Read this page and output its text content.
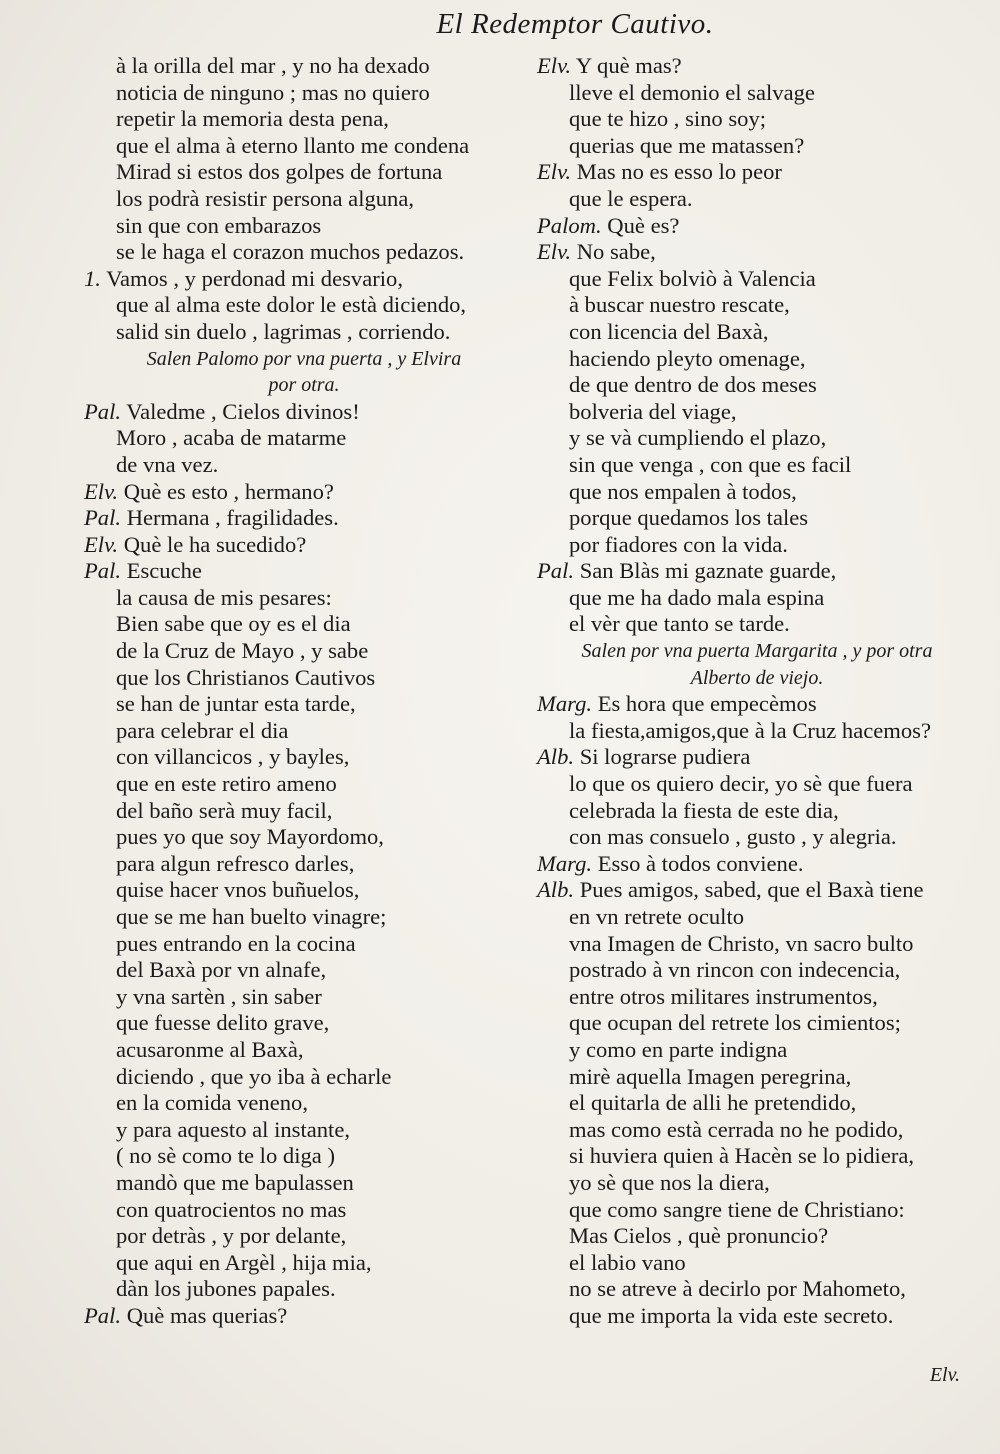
El Redemptor Cautivo.
à la orilla del mar , y no ha dexado
noticia de ninguno ; mas no quiero
repetir la memoria desta pena,
que el alma à eterno llanto me condena
Mirad si estos dos golpes de fortuna
los podrà resistir persona alguna,
sin que con embarazos
se le haga el corazon muchos pedazos.
1. Vamos , y perdonad mi desvario,
que al alma este dolor le està diciendo,
salid sin duelo , lagrimas , corriendo.
Salen Palomo por vna puerta , y Elvira
por otra.
Pal. Valedme , Cielos divinos!
Moro , acaba de matarme
de vna vez.
Elv. Què es esto , hermano?
Pal. Hermana , fragilidades.
Elv. Què le ha sucedido?
Pal. Escuche
la causa de mis pesares:
Bien sabe que oy es el dia
de la Cruz de Mayo , y sabe
que los Christianos Cautivos
se han de juntar esta tarde,
para celebrar el dia
con villancicos , y bayles,
que en este retiro ameno
del baño serà muy facil,
pues yo que soy Mayordomo,
para algun refresco darles,
quise hacer vnos buñuelos,
que se me han buelto vinagre;
pues entrando en la cocina
del Baxà por vn alnafe,
y vna sartèn , sin saber
que fuesse delito grave,
acusaronme al Baxà,
diciendo , que yo iba à echarle
en la comida veneno,
y para aquesto al instante,
( no sè como te lo diga )
mandò que me bapulassen
con quatrocientos no mas
por detràs , y por delante,
que aqui en Argèl , hija mia,
dàn los jubones papales.
Pal. Què mas querias?
Elv. Y què mas?
lleve el demonio el salvage
que te hizo , sino soy;
querias que me matassen?
Elv. Mas no es esso lo peor
que le espera.
Palom. Què es?
Elv. No sabe,
que Felix bolviò à Valencia
à buscar nuestro rescate,
con licencia del Baxà,
haciendo pleyto omenage,
de que dentro de dos meses
bolveria del viage,
y se và cumpliendo el plazo,
sin que venga , con que es facil
que nos empalen à todos,
porque quedamos los tales
por fiadores con la vida.
Pal. San Blàs mi gaznate guarde,
que me ha dado mala espina
el vèr que tanto se tarde.
Salen por vna puerta Margarita , y por otra
Alberto de viejo.
Marg. Es hora que empecèmos
la fiesta,amigos,que à la Cruz hacemos?
Alb. Si lograrse pudiera
lo que os quiero decir, yo sè que fuera
celebrada la fiesta de este dia,
con mas consuelo , gusto , y alegria.
Marg. Esso à todos conviene.
Alb. Pues amigos, sabed, que el Baxà tiene
en vn retrete oculto
vna Imagen de Christo, vn sacro bulto
postrado à vn rincon con indecencia,
entre otros militares instrumentos,
que ocupan del retrete los cimientos;
y como en parte indigna
mirè aquella Imagen peregrina,
el quitarla de alli he pretendido,
mas como està cerrada no he podido,
si huviera quien à Hacèn se lo pidiera,
yo sè que nos la diera,
que como sangre tiene de Christiano:
Mas Cielos , què pronuncio?
el labio vano
no se atreve à decirlo por Mahometo,
que me importa la vida este secreto.
Elv.
